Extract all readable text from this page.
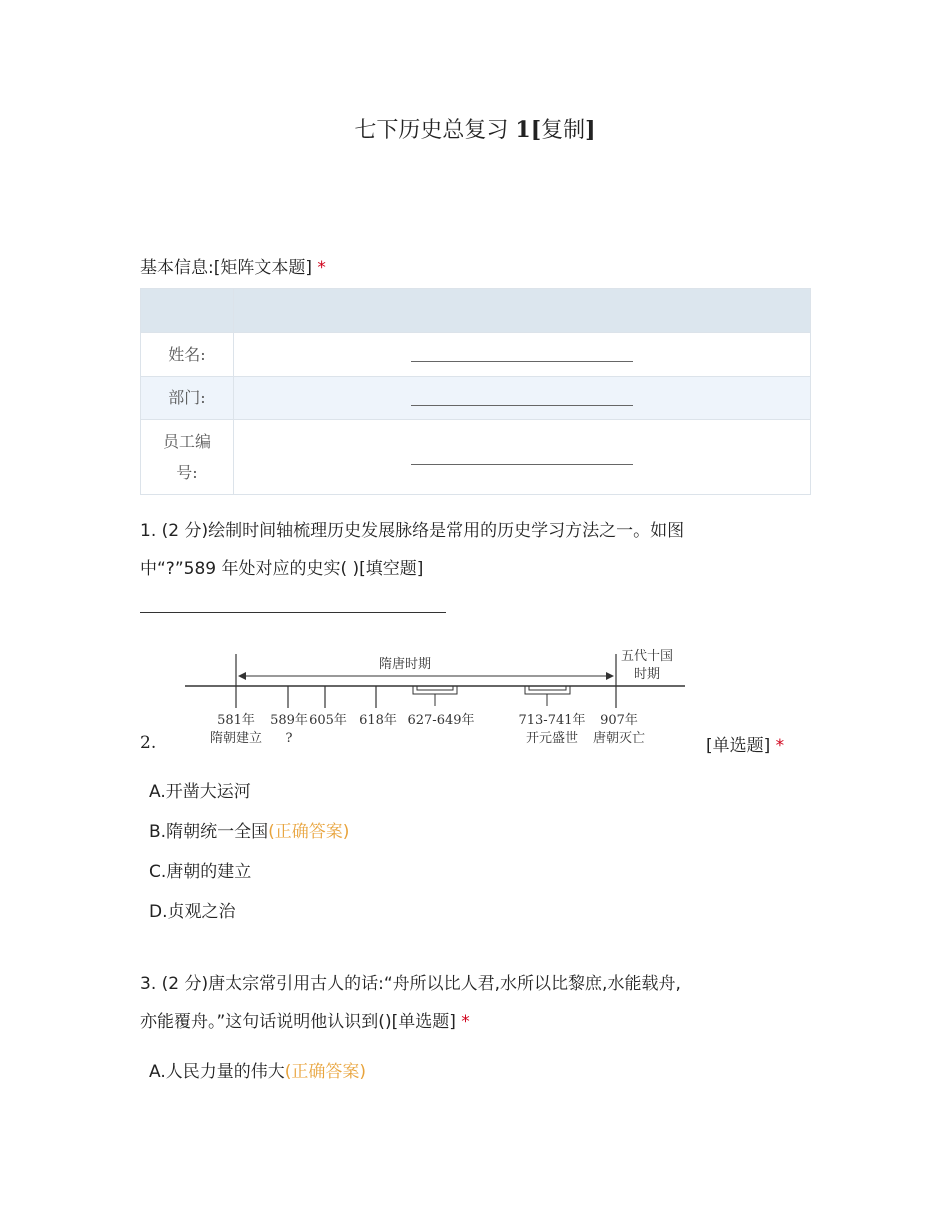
七下历史总复习 1[复制]
基本信息:[矩阵文本题] *

姓名:	
部门:	

员工编号:	

1. (2 分)绘制时间轴梳理历史发展脉络是常用的历史学习方法之一。如图
中“?”589 年处对应的史实( )[填空题]
隋唐时期
五代十国
时期
581年
隋朝建立
589年
?
605年 618年 627-649年	713-741年
开元盛世
907年
唐朝灭亡
2.	[单选题] *
A.开凿大运河
B.隋朝统一全国(正确答案)
C.唐朝的建立
D.贞观之治
3. (2 分)唐太宗常引用古人的话:“舟所以比人君,水所以比黎庶,水能载舟,
亦能覆舟。”这句话说明他认识到()[单选题] *
A.人民力量的伟大(正确答案)
